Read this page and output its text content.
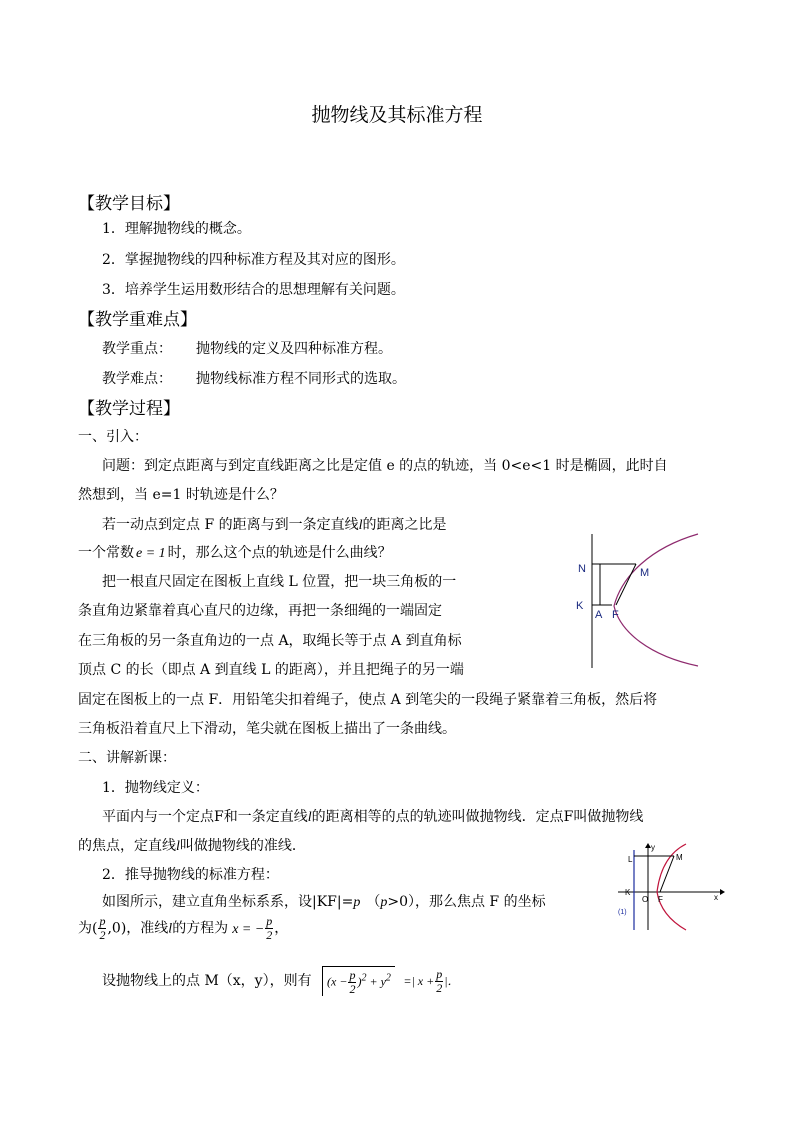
抛物线及其标准方程
【教学目标】
1．理解抛物线的概念。
2．掌握抛物线的四种标准方程及其对应的图形。
3．培养学生运用数形结合的思想理解有关问题。
【教学重难点】
教学重点： 抛物线的定义及四种标准方程。
教学难点： 抛物线标准方程不同形式的选取。
【教学过程】
一、引入：
问题：到定点距离与到定直线距离之比是定值 e 的点的轨迹，当 0<e<1 时是椭圆，此时自
然想到，当 e=1 时轨迹是什么？
若一动点到定点 F 的距离与到一条定直线l的距离之比是
一个常数 e = 1 时，那么这个点的轨迹是什么曲线？
把一根直尺固定在图板上直线 L 位置，把一块三角板的一
条直角边紧靠着真心直尺的边缘，再把一条细绳的一端固定
在三角板的另一条直角边的一点 A，取绳长等于点 A 到直角标
顶点 C 的长（即点 A 到直线 L 的距离），并且把绳子的另一端
固定在图板上的一点 F．用铅笔尖扣着绳子，使点 A 到笔尖的一段绳子紧靠着三角板，然后将
三角板沿着直尺上下滑动，笔尖就在图板上描出了一条曲线。
N	M
K
A F
二、讲解新课：
1．抛物线定义：
平面内与一个定点F和一条定直线l的距离相等的点的轨迹叫做抛物线．定点F叫做抛物线
的焦点，定直线l叫做抛物线的准线．
2．推导抛物线的标准方程：
如图所示，建立直角坐标系系，设|KF|=p （p>0），那么焦点 F 的坐标
为( $\frac{p}{2} ,0$)，准线l的方程为 x = − $\frac{p}{2}$ ，
设抛物线上的点 M（x，y），则有 $(x - \frac{p}{2} )^2 + y^2$ =| $x + \frac{p}{2}$ |．
L
y
M
K
O F	x
(1)
